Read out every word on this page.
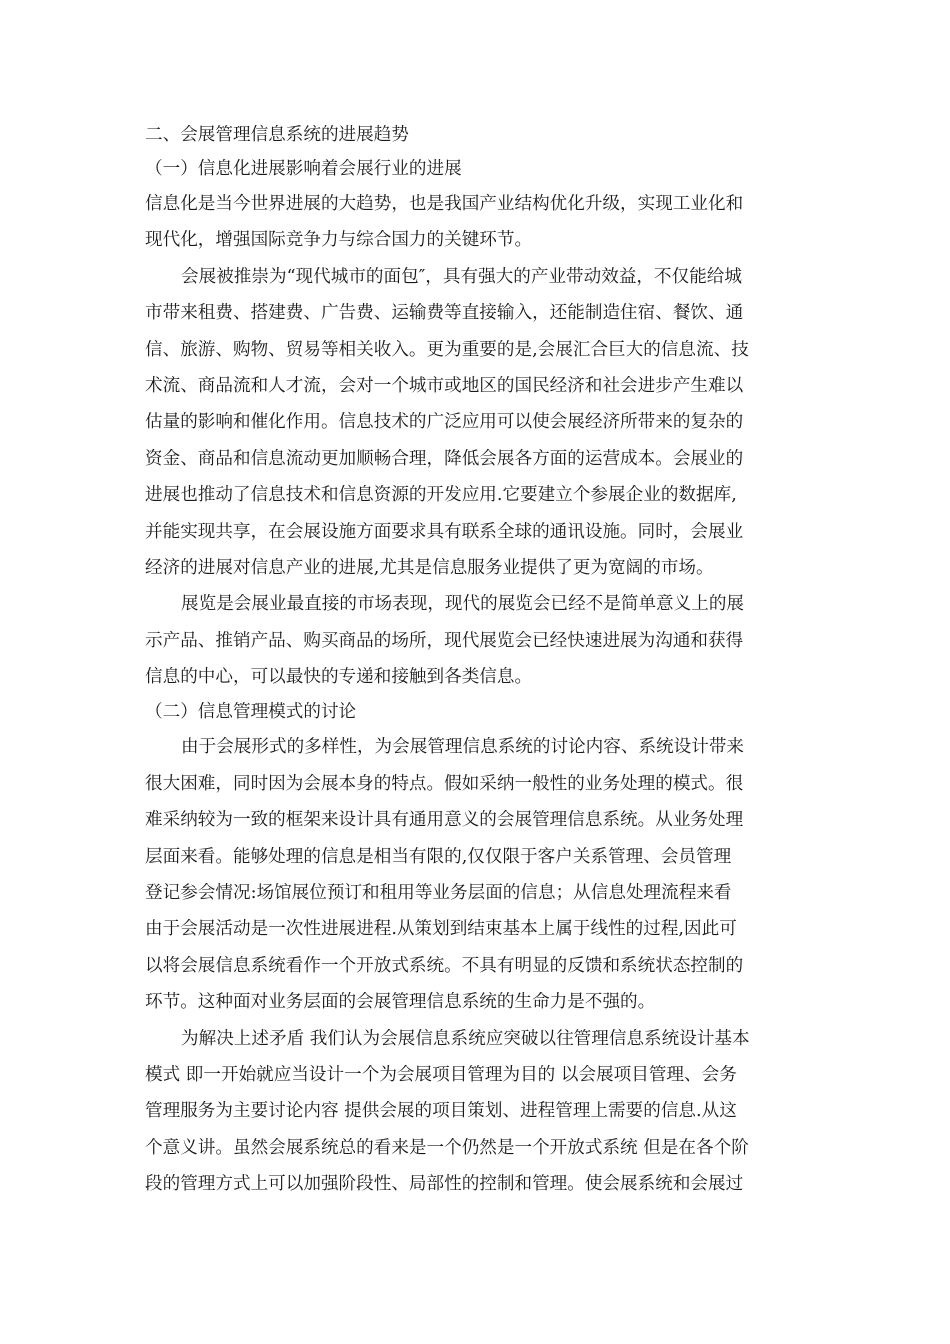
二、会展管理信息系统的进展趋势
（一）信息化进展影响着会展行业的进展
信息化是当今世界进展的大趋势，也是我国产业结构优化升级，实现工业化和
现代化，增强国际竞争力与综合国力的关键环节。
会展被推崇为“现代城市的面包″，具有强大的产业带动效益，不仅能给城
市带来租费、搭建费、广告费、运输费等直接输入，还能制造住宿、餐饮、通
信、旅游、购物、贸易等相关收入。更为重要的是,会展汇合巨大的信息流、技
术流、商品流和人才流，会对一个城市或地区的国民经济和社会进步产生难以
估量的影响和催化作用。信息技术的广泛应用可以使会展经济所带来的复杂的
资金、商品和信息流动更加顺畅合理，降低会展各方面的运营成本。会展业的
进展也推动了信息技术和信息资源的开发应用.它要建立个参展企业的数据库,
并能实现共享，在会展设施方面要求具有联系全球的通讯设施。同时，会展业
经济的进展对信息产业的进展,尤其是信息服务业提供了更为宽阔的市场。
展览是会展业最直接的市场表现，现代的展览会已经不是简单意义上的展
示产品、推销产品、购买商品的场所，现代展览会已经快速进展为沟通和获得
信息的中心，可以最快的专递和接触到各类信息。
（二）信息管理模式的讨论
由于会展形式的多样性，为会展管理信息系统的讨论内容、系统设计带来
很大困难，同时因为会展本身的特点。假如采纳一般性的业务处理的模式。很
难采纳较为一致的框架来设计具有通用意义的会展管理信息系统。从业务处理
层面来看。能够处理的信息是相当有限的,仅仅限于客户关系管理、会员管理
登记参会情况:场馆展位预订和租用等业务层面的信息；从信息处理流程来看
由于会展活动是一次性进展进程.从策划到结束基本上属于线性的过程,因此可
以将会展信息系统看作一个开放式系统。不具有明显的反馈和系统状态控制的
环节。这种面对业务层面的会展管理信息系统的生命力是不强的。
为解决上述矛盾 我们认为会展信息系统应突破以往管理信息系统设计基本
模式 即一开始就应当设计一个为会展项目管理为目的 以会展项目管理、会务
管理服务为主要讨论内容 提供会展的项目策划、进程管理上需要的信息.从这
个意义讲。虽然会展系统总的看来是一个仍然是一个开放式系统 但是在各个阶
段的管理方式上可以加强阶段性、局部性的控制和管理。使会展系统和会展过
